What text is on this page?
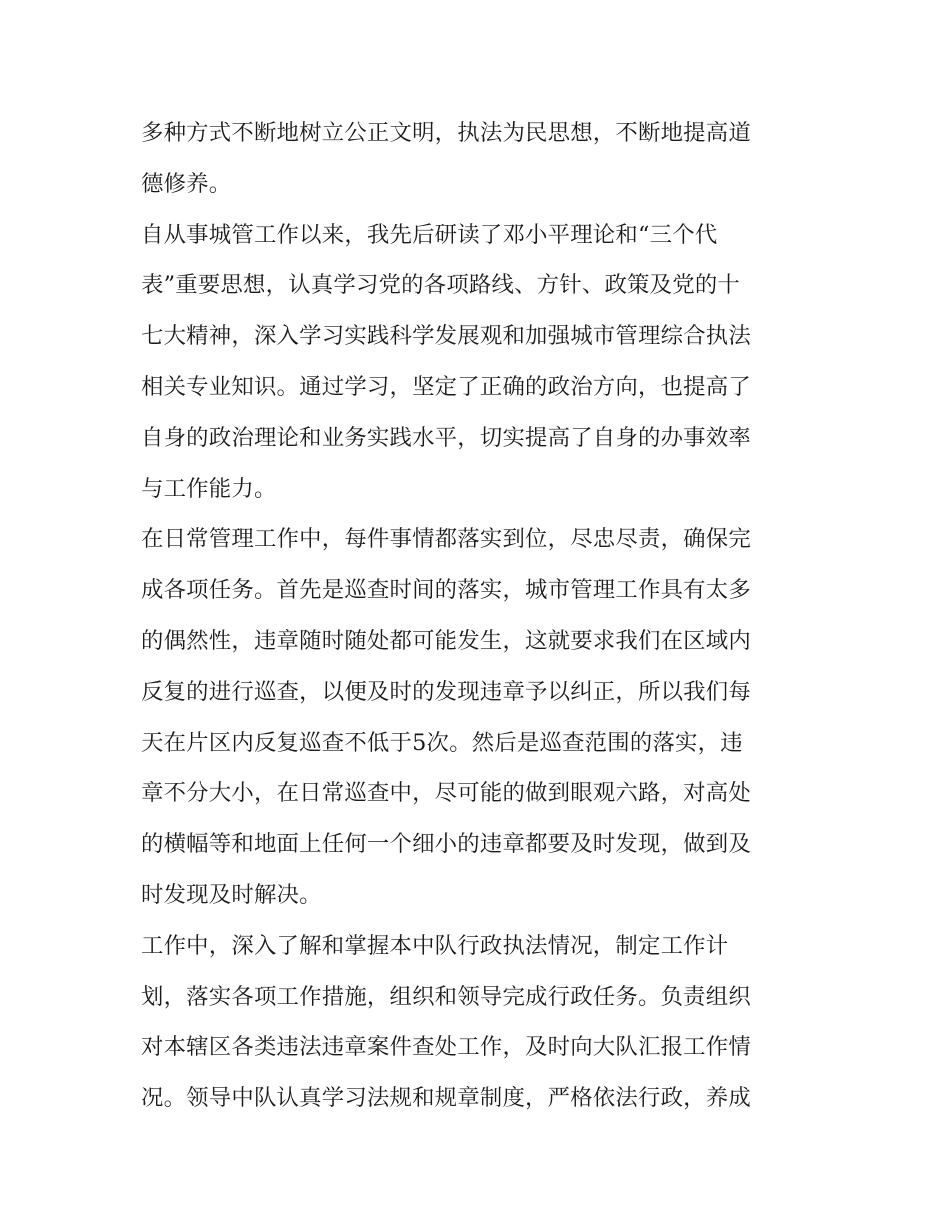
多种方式不断地树立公正文明，执法为民思想，不断地提高道
德修养。
自从事城管工作以来，我先后研读了邓小平理论和“三个代
表”重要思想，认真学习党的各项路线、方针、政策及党的十
七大精神，深入学习实践科学发展观和加强城市管理综合执法
相关专业知识。通过学习，坚定了正确的政治方向，也提高了
自身的政治理论和业务实践水平，切实提高了自身的办事效率
与工作能力。
在日常管理工作中，每件事情都落实到位，尽忠尽责，确保完
成各项任务。首先是巡查时间的落实，城市管理工作具有太多
的偶然性，违章随时随处都可能发生，这就要求我们在区域内
反复的进行巡查，以便及时的发现违章予以纠正，所以我们每
天在片区内反复巡查不低于5次。然后是巡查范围的落实，违
章不分大小，在日常巡查中，尽可能的做到眼观六路，对高处
的横幅等和地面上任何一个细小的违章都要及时发现，做到及
时发现及时解决。
工作中，深入了解和掌握本中队行政执法情况，制定工作计
划，落实各项工作措施，组织和领导完成行政任务。负责组织
对本辖区各类违法违章案件查处工作，及时向大队汇报工作情
况。领导中队认真学习法规和规章制度，严格依法行政，养成
